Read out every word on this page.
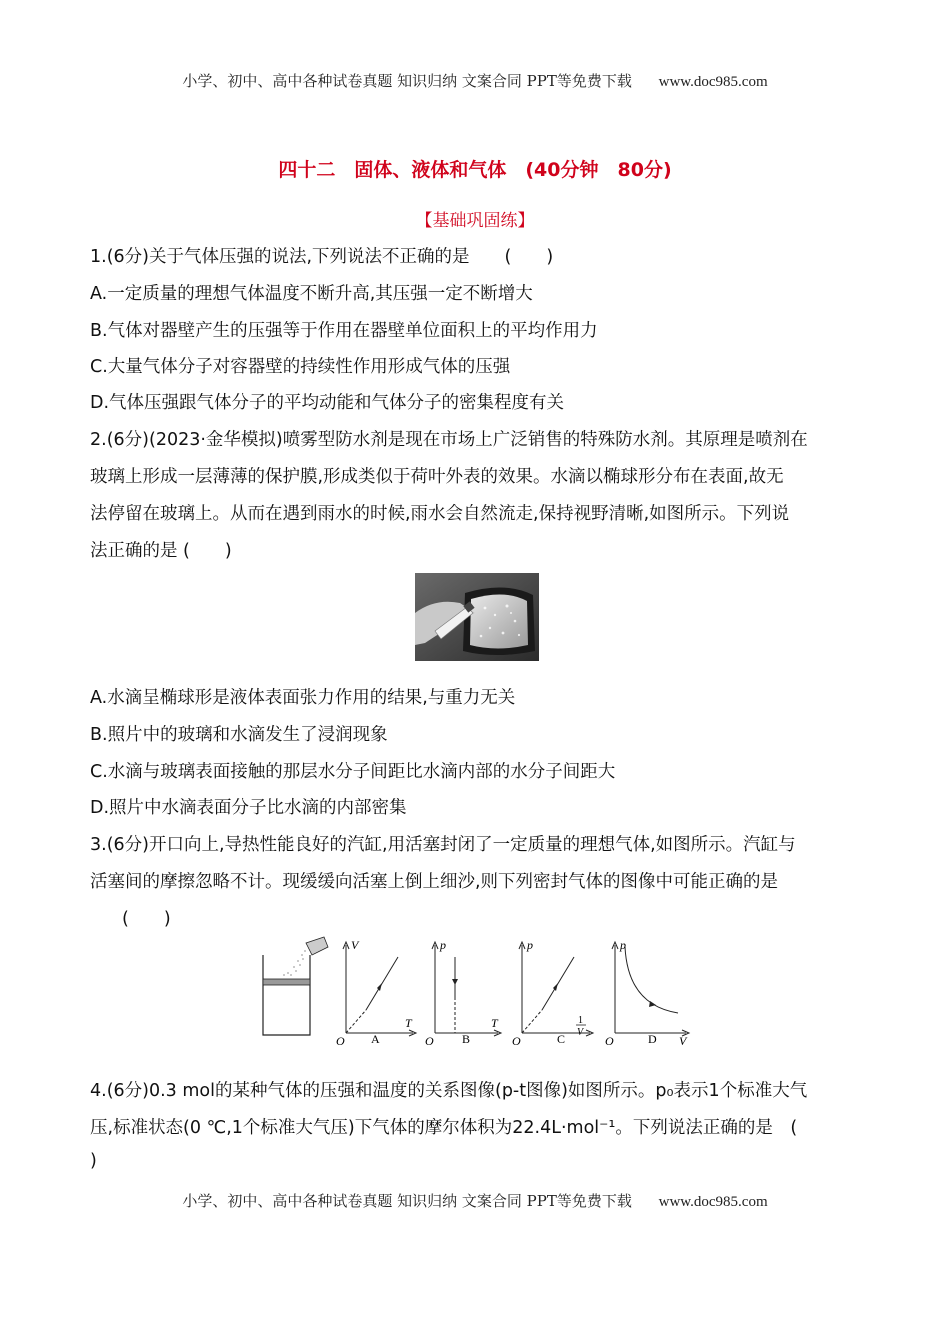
小学、初中、高中各种试卷真题 知识归纳 文案合同 PPT等免费下载 www.doc985.com
四十二　固体、液体和气体　(40分钟　80分)
【基础巩固练】
1.(6分)关于气体压强的说法,下列说法不正确的是　　(　　)
A.一定质量的理想气体温度不断升高,其压强一定不断增大
B.气体对器壁产生的压强等于作用在器壁单位面积上的平均作用力
C.大量气体分子对容器壁的持续性作用形成气体的压强
D.气体压强跟气体分子的平均动能和气体分子的密集程度有关
2.(6分)(2023·金华模拟)喷雾型防水剂是现在市场上广泛销售的特殊防水剂。其原理是喷剂在
玻璃上形成一层薄薄的保护膜,形成类似于荷叶外表的效果。水滴以椭球形分布在表面,故无
法停留在玻璃上。从而在遇到雨水的时候,雨水会自然流走,保持视野清晰,如图所示。下列说
法正确的是 (　　)
A.水滴呈椭球形是液体表面张力作用的结果,与重力无关
B.照片中的玻璃和水滴发生了浸润现象
C.水滴与玻璃表面接触的那层水分子间距比水滴内部的水分子间距大
D.照片中水滴表面分子比水滴的内部密集
3.(6分)开口向上,导热性能良好的汽缸,用活塞封闭了一定质量的理想气体,如图所示。汽缸与
活塞间的摩擦忽略不计。现缓缓向活塞上倒上细沙,则下列密封气体的图像中可能正确的是
(　　)
V
T
O A
p
T
O B
p
1
V
O	C
p
V
O	D
4.(6分)0.3 mol的某种气体的压强和温度的关系图像(p-t图像)如图所示。p₀表示1个标准大气
压,标准状态(0 ℃,1个标准大气压)下气体的摩尔体积为22.4L·mol⁻¹。下列说法正确的是　(
)
小学、初中、高中各种试卷真题 知识归纳 文案合同 PPT等免费下载 www.doc985.com
